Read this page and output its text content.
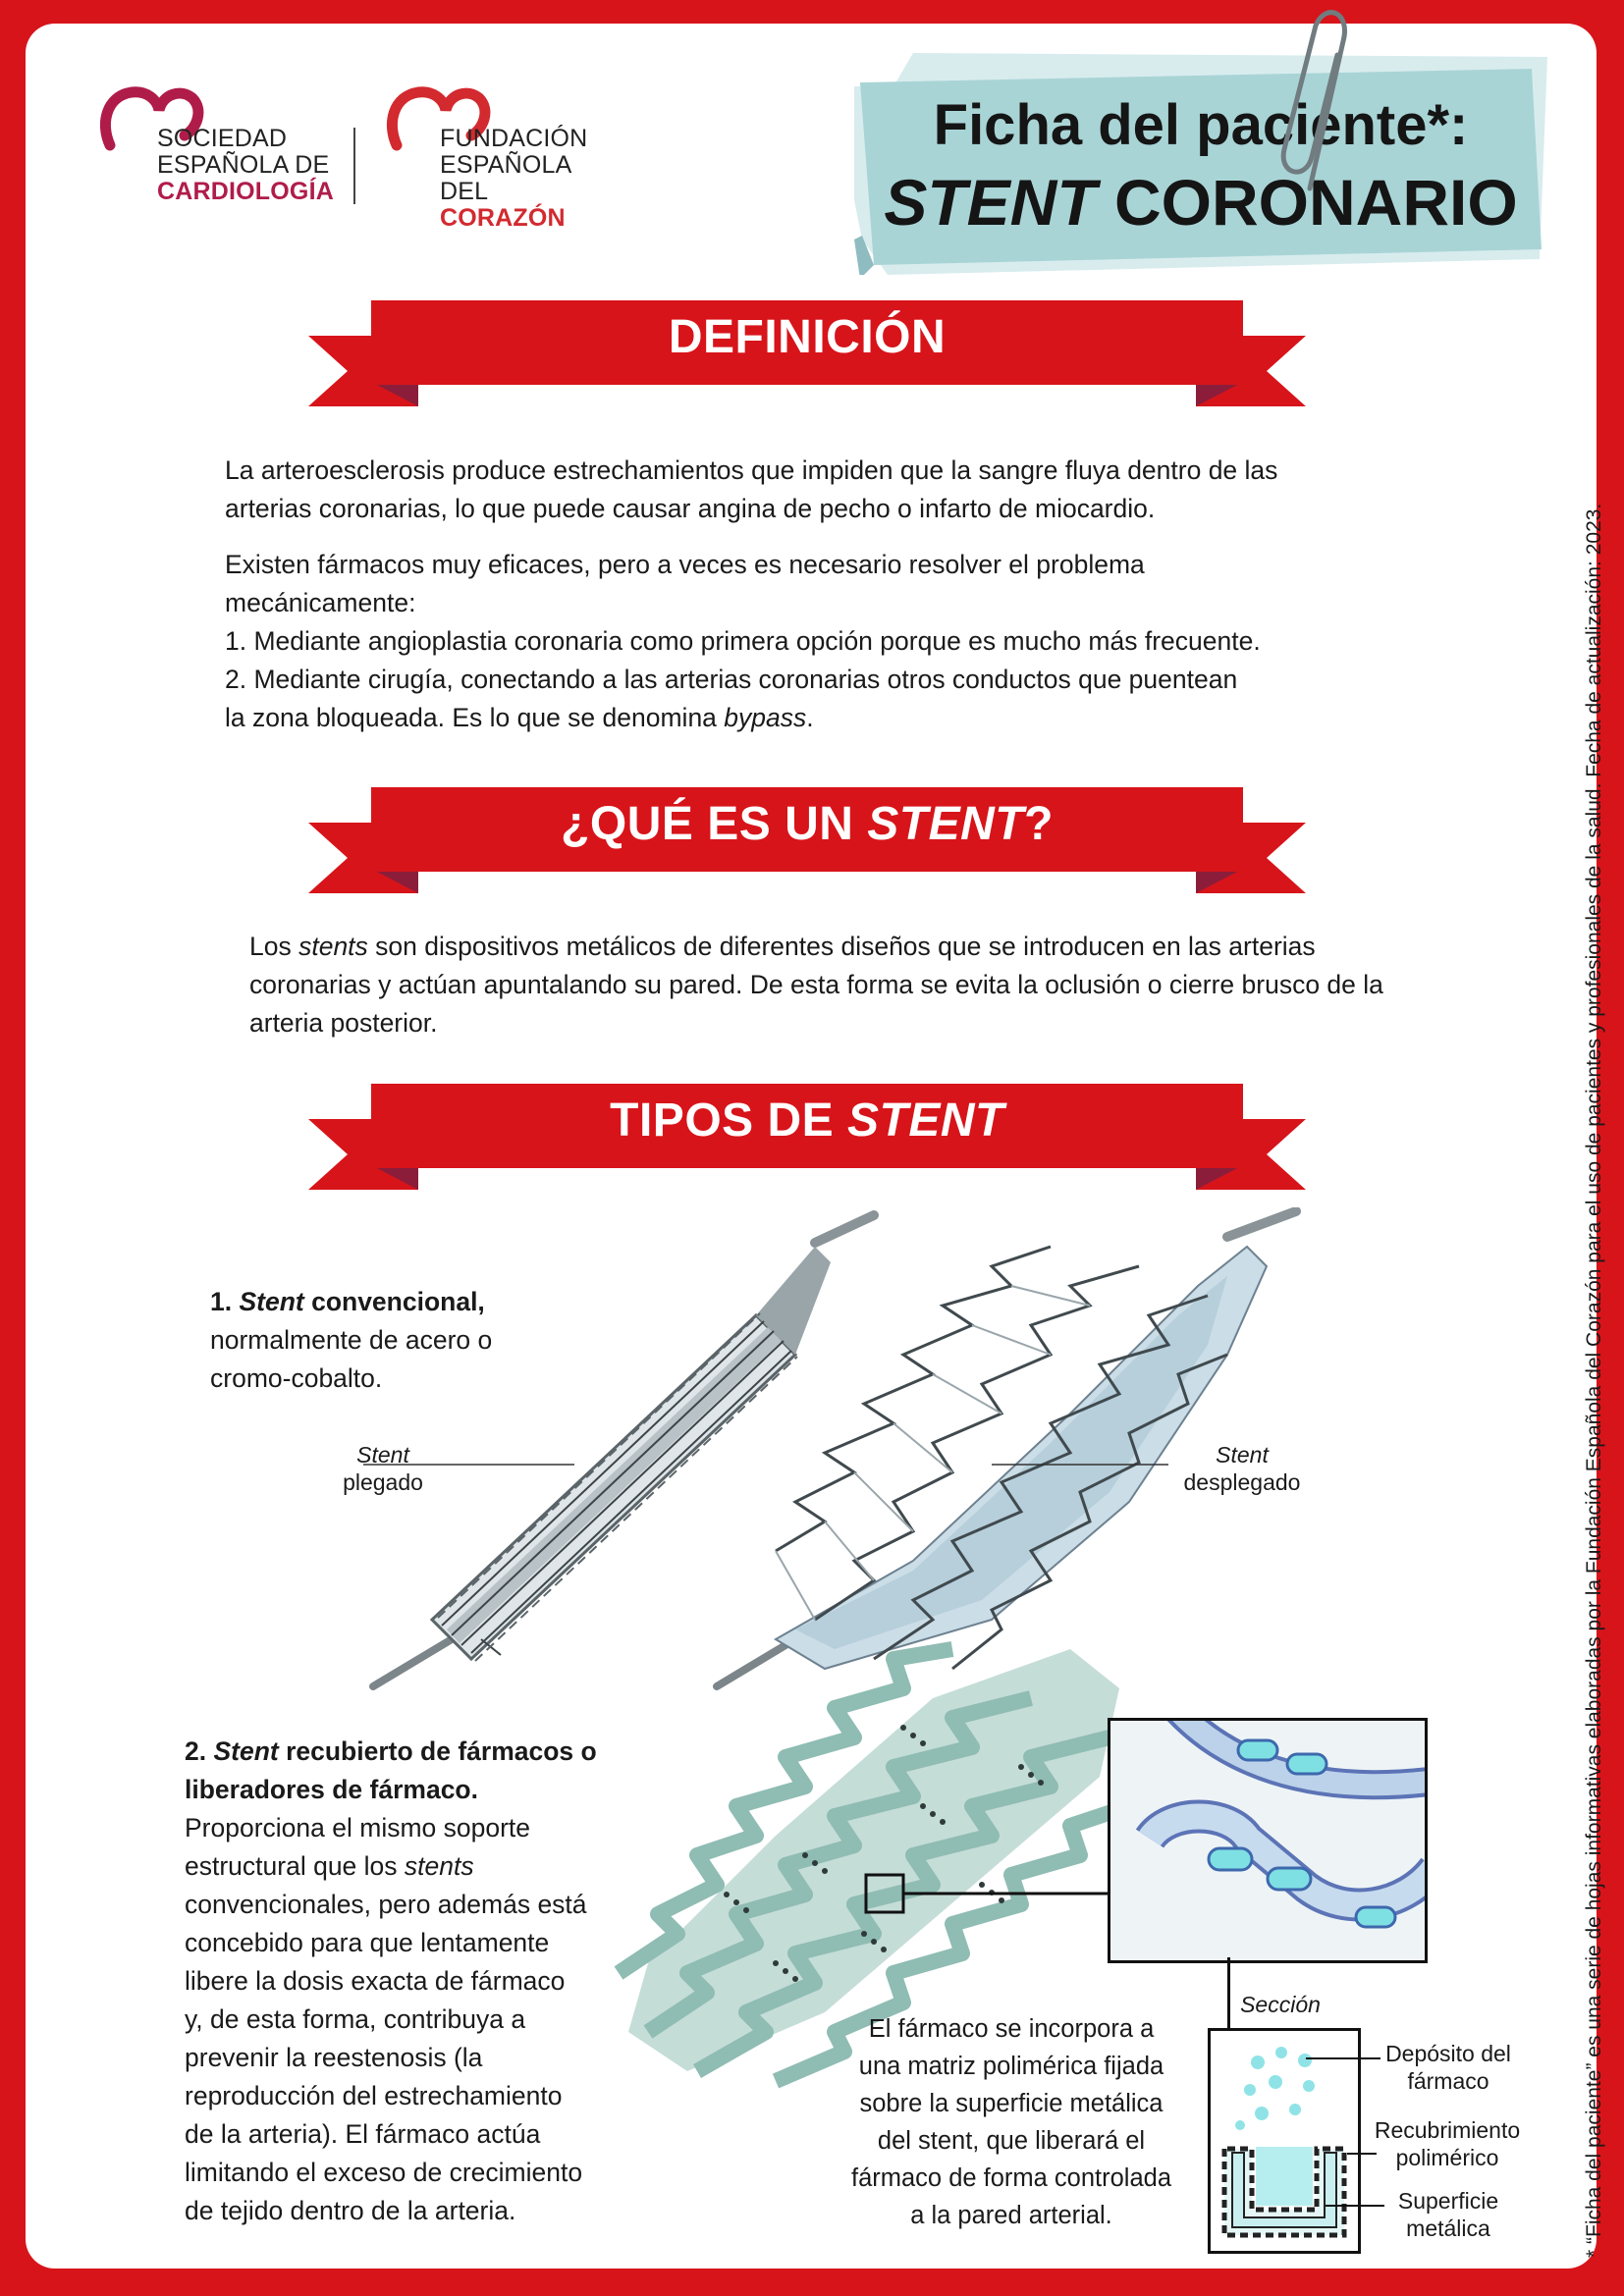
SOCIEDAD
ESPAÑOLA DE
CARDIOLOGÍA
FUNDACIÓN
ESPAÑOLA DEL
CORAZÓN
Ficha del paciente*:
STENT CORONARIO
DEFINICIÓN

La arteroesclerosis produce estrechamientos que impiden que la sangre fluya dentro de las arterias coronarias, lo que puede causar angina de pecho o infarto de miocardio.

Existen fármacos muy eficaces, pero a veces es necesario resolver el problema mecánicamente:

1. Mediante angioplastia coronaria como primera opción porque es mucho más frecuente.

2. Mediante cirugía, conectando a las arterias coronarias otros conductos que puentean

la zona bloqueada. Es lo que se denomina bypass.

¿QUÉ ES UN STENT?

Los stents son dispositivos metálicos de diferentes diseños que se introducen en las arterias coronarias y actúan apuntalando su pared. De esta forma se evita la oclusión o cierre brusco de la arteria posterior.

TIPOS DE STENT

1. Stent convencional,

normalmente de acero o

cromo-cobalto.

Stent
plegado
Stent
desplegado

2. Stent recubierto de fármacos o

liberadores de fármaco.

Proporciona el mismo soporte

estructural que los stents

convencionales, pero además está

concebido para que lentamente

libere la dosis exacta de fármaco

y, de esta forma, contribuya a

prevenir la reestenosis (la

reproducción del estrechamiento

de la arteria). El fármaco actúa

limitando el exceso de crecimiento

de tejido dentro de la arteria.

Sección
Depósito del
fármaco
Recubrimiento
polimérico
Superficie
metálica

El fármaco se incorpora a

una matriz polimérica fijada

sobre la superficie metálica

del stent, que liberará el

fármaco de forma controlada

a la pared arterial.	* “Ficha del paciente” es una serie de hojas informativas elaboradas por la Fundación Española del Corazón para el uso de pacientes y profesionales de la salud. Fecha de actualización: 2023.
